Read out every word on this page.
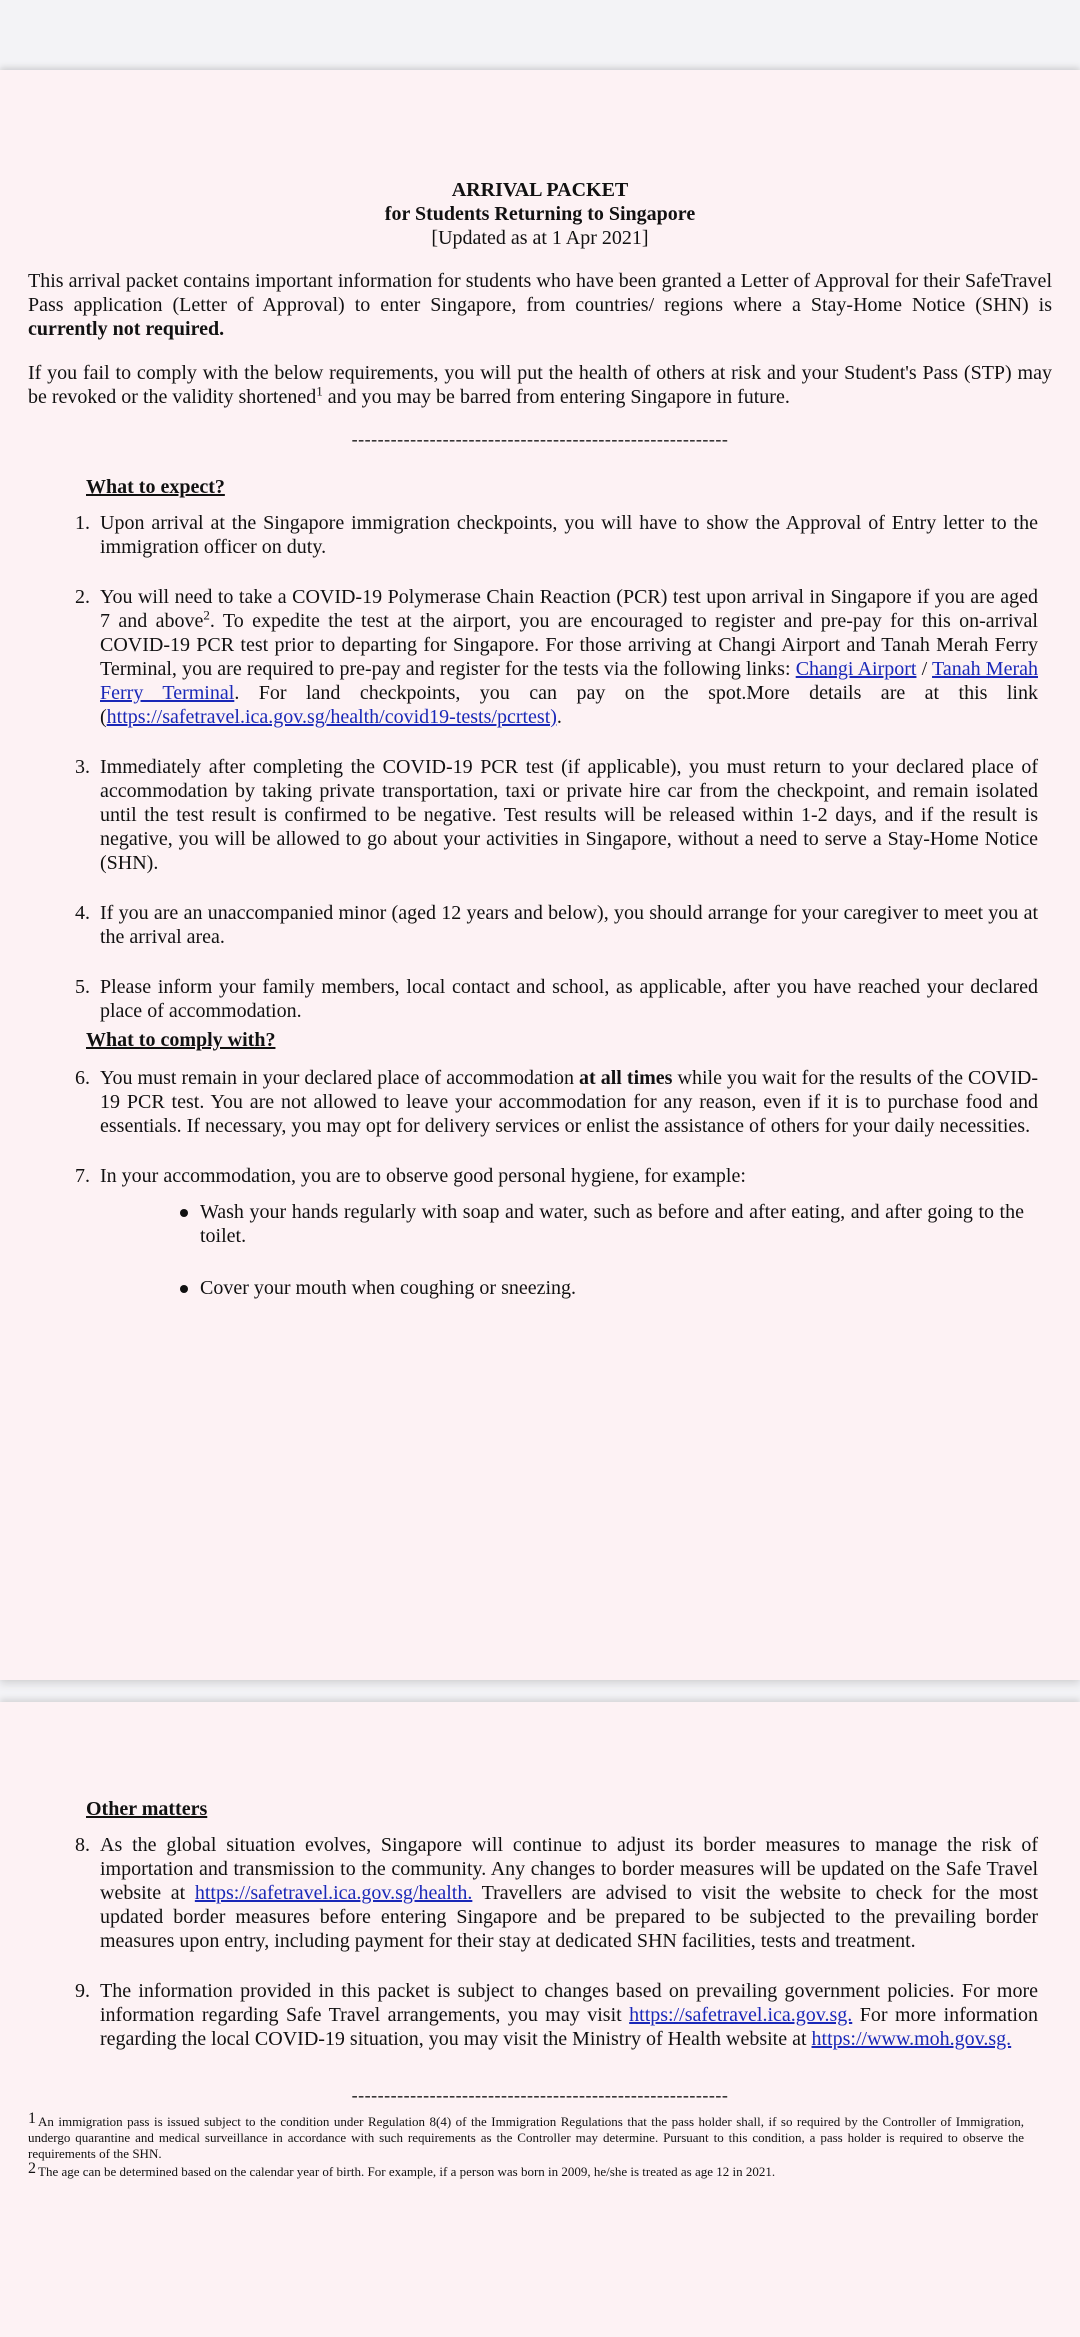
ARRIVAL PACKET
for Students Returning to Singapore
[Updated as at 1 Apr 2021]

This arrival packet contains important information for students who have been granted a Letter of Approval for their SafeTravel Pass application (Letter of Approval) to enter Singapore, from countries/ regions where a Stay-Home Notice (SHN) is currently not required.

If you fail to comply with the below requirements, you will put the health of others at risk and your Student's Pass (STP) may be revoked or the validity shortened$^1$ and you may be barred from entering Singapore in future.

----------------------------------------------------------
What to expect?
1. Upon arrival at the Singapore immigration checkpoints, you will have to show the Approval of Entry letter to the immigration officer on duty.
2. You will need to take a COVID-19 Polymerase Chain Reaction (PCR) test upon arrival in Singapore if you are aged 7 and above$^2$. To expedite the test at the airport, you are encouraged to register and pre-pay for this on-arrival COVID-19 PCR test prior to departing for Singapore. For those arriving at Changi Airport and Tanah Merah Ferry Terminal, you are required to pre-pay and register for the tests via the following links: Changi Airport / Tanah Merah Ferry Terminal. For land checkpoints, you can pay on the spot.More details are at this link (https://safetravel.ica.gov.sg/health/covid19-tests/pcrtest).
3. Immediately after completing the COVID-19 PCR test (if applicable), you must return to your declared place of accommodation by taking private transportation, taxi or private hire car from the checkpoint, and remain isolated until the test result is confirmed to be negative. Test results will be released within 1-2 days, and if the result is negative, you will be allowed to go about your activities in Singapore, without a need to serve a Stay-Home Notice (SHN).
4. If you are an unaccompanied minor (aged 12 years and below), you should arrange for your caregiver to meet you at the arrival area.
5. Please inform your family members, local contact and school, as applicable, after you have reached your declared place of accommodation.
What to comply with?
6. You must remain in your declared place of accommodation at all times while you wait for the results of the COVID-19 PCR test. You are not allowed to leave your accommodation for any reason, even if it is to purchase food and essentials. If necessary, you may opt for delivery services or enlist the assistance of others for your daily necessities.
7. In your accommodation, you are to observe good personal hygiene, for example:
Wash your hands regularly with soap and water, such as before and after eating, and after going to the toilet.
Cover your mouth when coughing or sneezing.
Other matters
8. As the global situation evolves, Singapore will continue to adjust its border measures to manage the risk of importation and transmission to the community. Any changes to border measures will be updated on the Safe Travel website at https://safetravel.ica.gov.sg/health. Travellers are advised to visit the website to check for the most updated border measures before entering Singapore and be prepared to be subjected to the prevailing border measures upon entry, including payment for their stay at dedicated SHN facilities, tests and treatment.
9. The information provided in this packet is subject to changes based on prevailing government policies. For more information regarding Safe Travel arrangements, you may visit https://safetravel.ica.gov.sg. For more information regarding the local COVID-19 situation, you may visit the Ministry of Health website at https://www.moh.gov.sg.
----------------------------------------------------------
1 An immigration pass is issued subject to the condition under Regulation 8(4) of the Immigration Regulations that the pass holder shall, if so required by the Controller of Immigration, undergo quarantine and medical surveillance in accordance with such requirements as the Controller may determine. Pursuant to this condition, a pass holder is required to observe the requirements of the SHN.
2 The age can be determined based on the calendar year of birth. For example, if a person was born in 2009, he/she is treated as age 12 in 2021.
